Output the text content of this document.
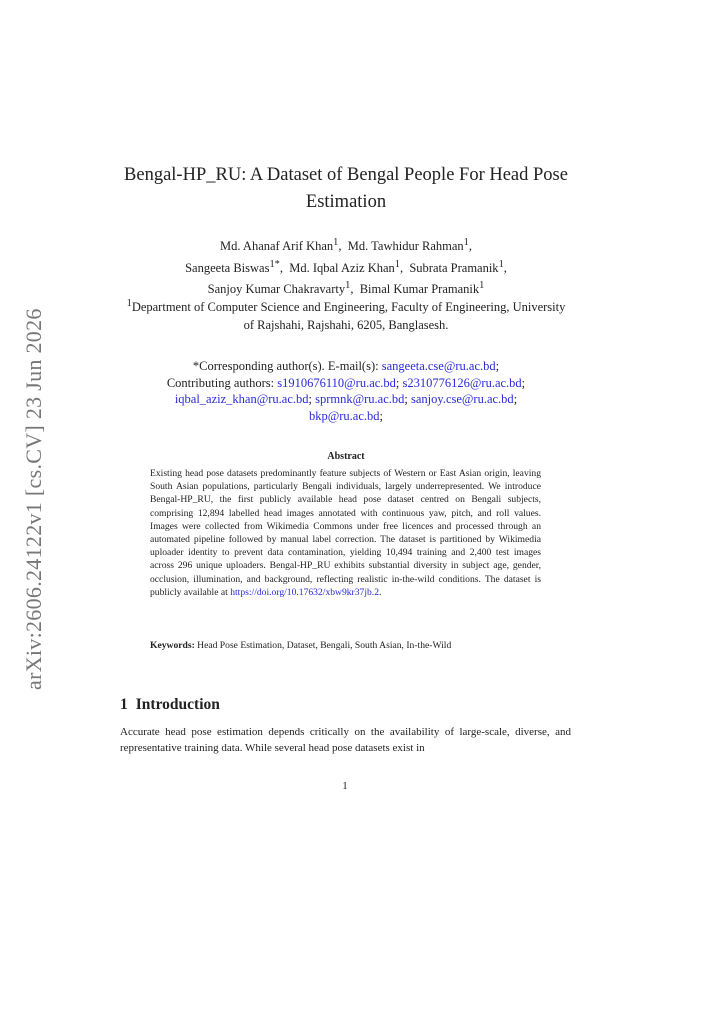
arXiv:2606.24122v1 [cs.CV] 23 Jun 2026
Bengal-HP_RU: A Dataset of Bengal People For Head Pose Estimation
Md. Ahanaf Arif Khan$^1$,  Md. Tawhidur Rahman$^1$,
Sangeeta Biswas$^{1*}$,  Md. Iqbal Aziz Khan$^1$,  Subrata Pramanik$^1$,
Sanjoy Kumar Chakravarty$^1$,  Bimal Kumar Pramanik$^1$
$^1$Department of Computer Science and Engineering, Faculty of Engineering, University of Rajshahi, Rajshahi, 6205, Banglasesh.
*Corresponding author(s). E-mail(s): sangeeta.cse@ru.ac.bd;
Contributing authors: s1910676110@ru.ac.bd; s2310776126@ru.ac.bd;
iqbal_aziz_khan@ru.ac.bd; sprmnk@ru.ac.bd; sanjoy.cse@ru.ac.bd;
bkp@ru.ac.bd;
Abstract
Existing head pose datasets predominantly feature subjects of Western or East Asian origin, leaving South Asian populations, particularly Bengali individuals, largely underrepresented. We introduce Bengal-HP_RU, the first publicly available head pose dataset centred on Bengali subjects, comprising 12,894 labelled head images annotated with continuous yaw, pitch, and roll values. Images were collected from Wikimedia Commons under free licences and processed through an automated pipeline followed by manual label correction. The dataset is partitioned by Wikimedia uploader identity to prevent data contamination, yielding 10,494 training and 2,400 test images across 296 unique uploaders. Bengal-HP_RU exhibits substantial diversity in subject age, gender, occlusion, illumination, and background, reflecting realistic in-the-wild conditions. The dataset is publicly available at https://doi.org/10.17632/xbw9kr37jb.2.
Keywords: Head Pose Estimation, Dataset, Bengali, South Asian, In-the-Wild
1 Introduction
Accurate head pose estimation depends critically on the availability of large-scale, diverse, and representative training data. While several head pose datasets exist in
1
